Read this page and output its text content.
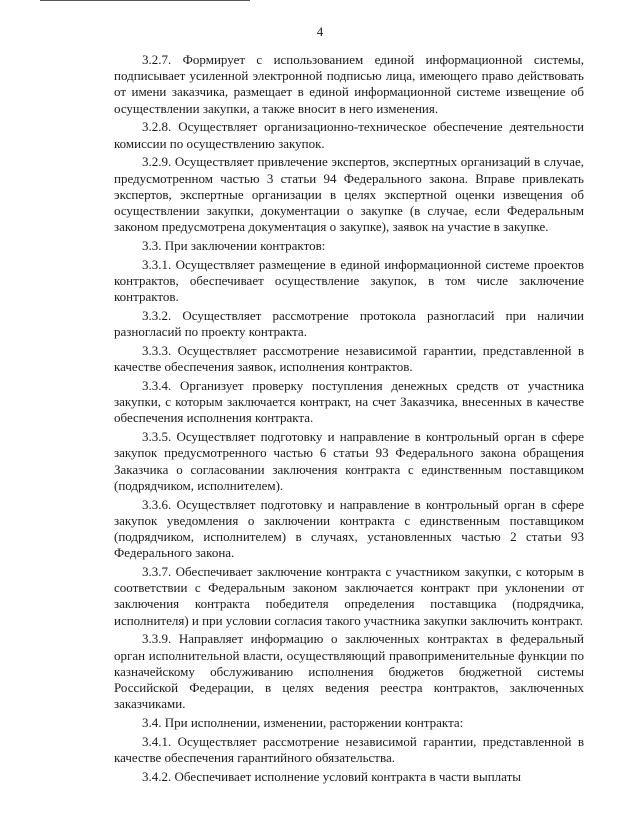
4

3.2.7. Формирует с использованием единой информационной системы, подписывает усиленной электронной подписью лица, имеющего право действовать от имени заказчика, размещает в единой информационной системе извещение об осуществлении закупки, а также вносит в него изменения.

3.2.8. Осуществляет организационно-техническое обеспечение деятельности комиссии по осуществлению закупок.

3.2.9. Осуществляет привлечение экспертов, экспертных организаций в случае, предусмотренном частью 3 статьи 94 Федерального закона. Вправе привлекать экспертов, экспертные организации в целях экспертной оценки извещения об осуществлении закупки, документации о закупке (в случае, если Федеральным законом предусмотрена документация о закупке), заявок на участие в закупке.

3.3. При заключении контрактов:

3.3.1. Осуществляет размещение в единой информационной системе проектов контрактов, обеспечивает осуществление закупок, в том числе заключение контрактов.

3.3.2. Осуществляет рассмотрение протокола разногласий при наличии разногласий по проекту контракта.

3.3.3. Осуществляет рассмотрение независимой гарантии, представленной в качестве обеспечения заявок, исполнения контрактов.

3.3.4. Организует проверку поступления денежных средств от участника закупки, с которым заключается контракт, на счет Заказчика, внесенных в качестве обеспечения исполнения контракта.

3.3.5. Осуществляет подготовку и направление в контрольный орган в сфере закупок предусмотренного частью 6 статьи 93 Федерального закона обращения Заказчика о согласовании заключения контракта с единственным поставщиком (подрядчиком, исполнителем).

3.3.6. Осуществляет подготовку и направление в контрольный орган в сфере закупок уведомления о заключении контракта с единственным поставщиком (подрядчиком, исполнителем) в случаях, установленных частью 2 статьи 93 Федерального закона.

3.3.7. Обеспечивает заключение контракта с участником закупки, с которым в соответствии с Федеральным законом заключается контракт при уклонении от заключения контракта победителя определения поставщика (подрядчика, исполнителя) и при условии согласия такого участника закупки заключить контракт.

3.3.9. Направляет информацию о заключенных контрактах в федеральный орган исполнительной власти, осуществляющий правоприменительные функции по казначейскому обслуживанию исполнения бюджетов бюджетной системы Российской Федерации, в целях ведения реестра контрактов, заключенных заказчиками.

3.4. При исполнении, изменении, расторжении контракта:

3.4.1. Осуществляет рассмотрение независимой гарантии, представленной в качестве обеспечения гарантийного обязательства.

3.4.2. Обеспечивает исполнение условий контракта в части выплаты
